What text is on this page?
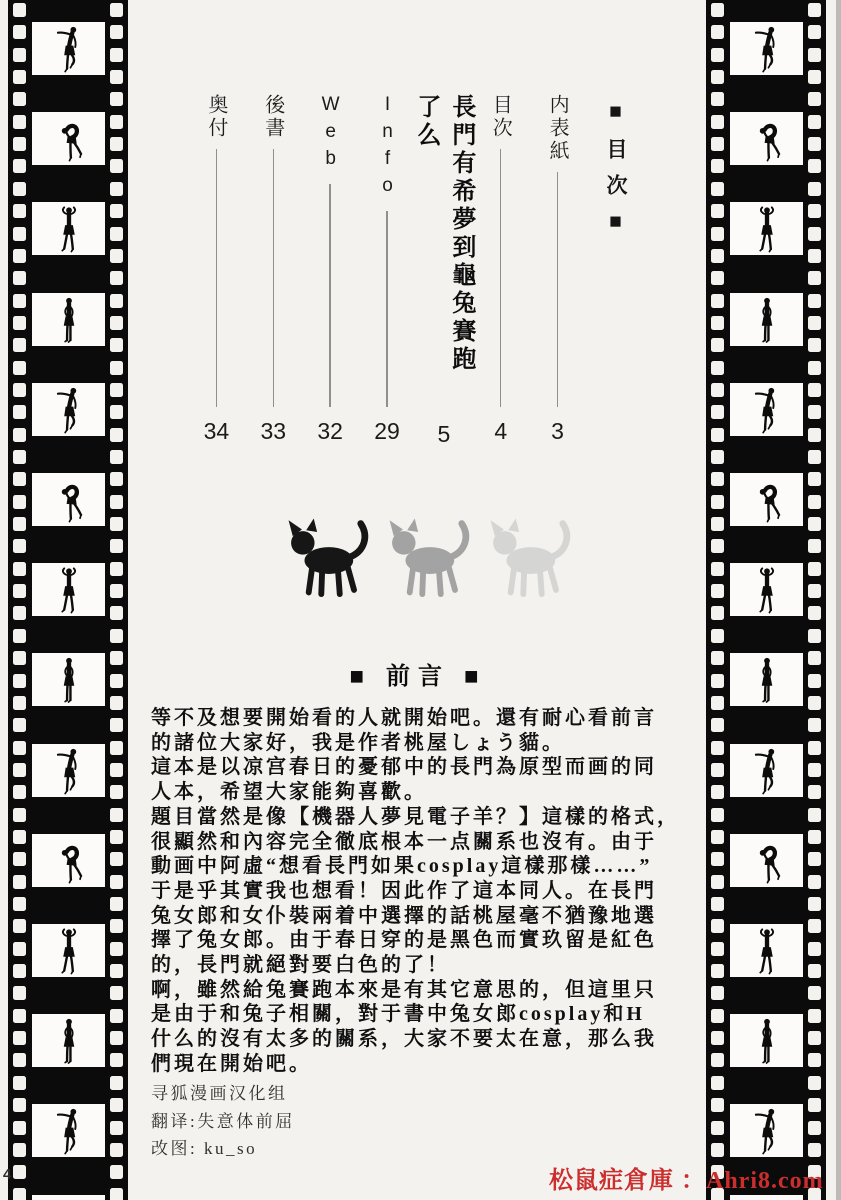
■目次■
内表紙
3
目次
4
長門有希夢到龜兔賽跑了么
5
Info
29
Web
32
後書
33
奥付
34
■ 前言 ■
等不及想要開始看的人就開始吧。還有耐心看前言
的諸位大家好，我是作者桃屋しょう貓。
這本是以凉宫春日的憂郁中的長門為原型而画的同
人本，希望大家能夠喜歡。
題目當然是像【機器人夢見電子羊？】這樣的格式，
很顯然和內容完全徹底根本一点關系也沒有。由于
動画中阿虛“想看長門如果cosplay這樣那樣……”
于是乎其實我也想看！因此作了這本同人。在長門
兔女郎和女仆裝兩着中選擇的話桃屋毫不猶豫地選
擇了兔女郎。由于春日穿的是黑色而實玖留是紅色
的，長門就絕對要白色的了！
啊，雖然給兔賽跑本來是有其它意思的，但這里只
是由于和兔子相關，對于書中兔女郎cosplay和H
什么的沒有太多的關系，大家不要太在意，那么我
們現在開始吧。
寻狐漫画汉化组
翻译:失意体前屈
改图: ku_so
4	松鼠症倉庫 ：Ahri8.com
